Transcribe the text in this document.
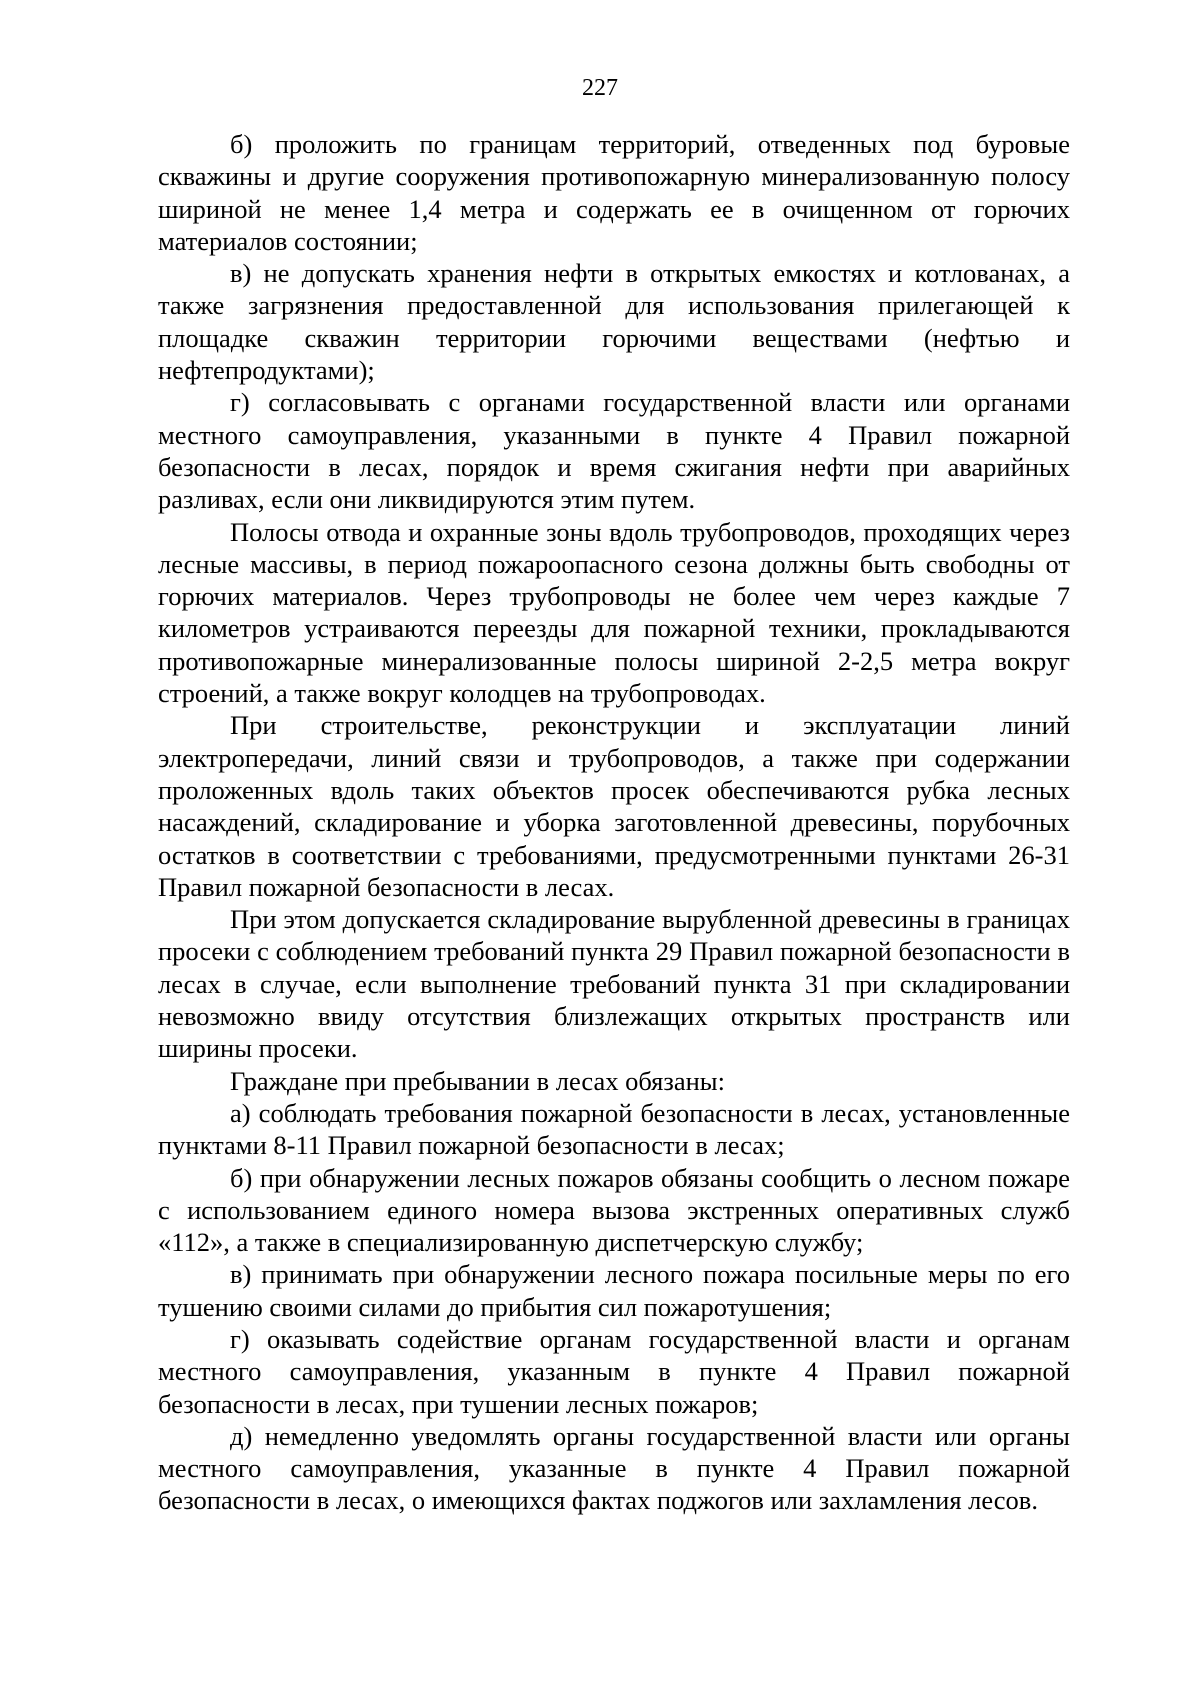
227

б) проложить по границам территорий, отведенных под буровые скважины и другие сооружения противопожарную минерализованную полосу шириной не менее 1,4 метра и содержать ее в очищенном от горючих материалов состоянии;

в) не допускать хранения нефти в открытых емкостях и котлованах, а также загрязнения предоставленной для использования прилегающей к площадке скважин территории горючими веществами (нефтью и нефтепродуктами);

г) согласовывать с органами государственной власти или органами местного самоуправления, указанными в пункте 4 Правил пожарной безопасности в лесах, порядок и время сжигания нефти при аварийных разливах, если они ликвидируются этим путем.

Полосы отвода и охранные зоны вдоль трубопроводов, проходящих через лесные массивы, в период пожароопасного сезона должны быть свободны от горючих материалов. Через трубопроводы не более чем через каждые 7 километров устраиваются переезды для пожарной техники, прокладываются противопожарные минерализованные полосы шириной 2-2,5 метра вокруг строений, а также вокруг колодцев на трубопроводах.

При строительстве, реконструкции и эксплуатации линий электропередачи, линий связи и трубопроводов, а также при содержании проложенных вдоль таких объектов просек обеспечиваются рубка лесных насаждений, складирование и уборка заготовленной древесины, порубочных остатков в соответствии с требованиями, предусмотренными пунктами 26-31 Правил пожарной безопасности в лесах.

При этом допускается складирование вырубленной древесины в границах просеки с соблюдением требований пункта 29 Правил пожарной безопасности в лесах в случае, если выполнение требований пункта 31 при складировании невозможно ввиду отсутствия близлежащих открытых пространств или ширины просеки.

Граждане при пребывании в лесах обязаны:

а) соблюдать требования пожарной безопасности в лесах, установленные пунктами 8-11 Правил пожарной безопасности в лесах;

б) при обнаружении лесных пожаров обязаны сообщить о лесном пожаре с использованием единого номера вызова экстренных оперативных служб «112», а также в специализированную диспетчерскую службу;

в) принимать при обнаружении лесного пожара посильные меры по его тушению своими силами до прибытия сил пожаротушения;

г) оказывать содействие органам государственной власти и органам местного самоуправления, указанным в пункте 4 Правил пожарной безопасности в лесах, при тушении лесных пожаров;

д) немедленно уведомлять органы государственной власти или органы местного самоуправления, указанные в пункте 4 Правил пожарной безопасности в лесах, о имеющихся фактах поджогов или захламления лесов.
